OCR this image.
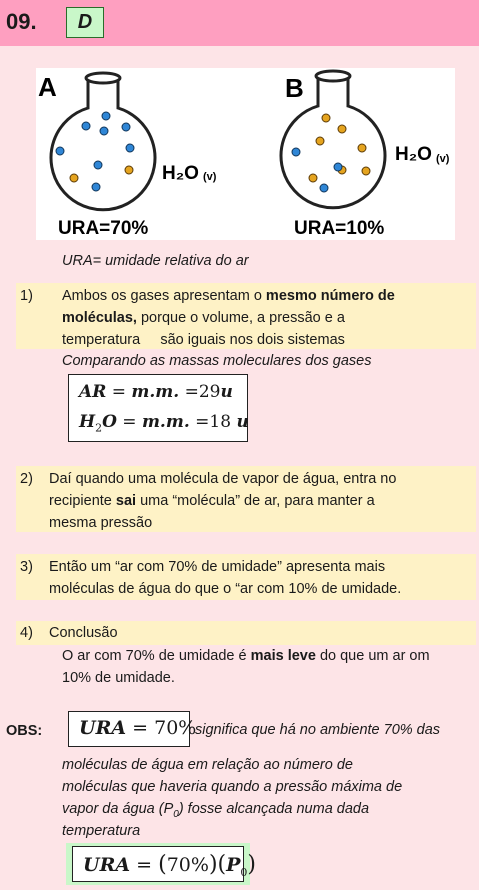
09.	D
A
URA=70%
H₂O (v)
B
URA=10%
H₂O (v)
URA= umidade relativa do ar
1) Ambos os gases apresentam o mesmo número de
moléculas, porque o volume, a pressão e a
temperatura     são iguais nos dois sistemas
Comparando as massas moleculares dos gases
AR = m.m. =29u
$H_2O = m.m$. =18 u
2) Daí quando uma molécula de vapor de água, entra no
recipiente sai uma “molécula” de ar, para manter a
mesma pressão
3) Então um “ar com 70% de umidade” apresenta mais
moléculas de água do que o “ar com 10% de umidade.
4) Conclusão
O ar com 70% de umidade é mais leve do que um ar om
10% de umidade.
OBS: URA = 70%
significa que há no ambiente 70% das
moléculas de água em relação ao número de
moléculas que haveria quando a pressão máxima de
vapor da água $(P_0)$ fosse alcançada numa dada
temperatura
URA = $(70\%)(P_0)$
